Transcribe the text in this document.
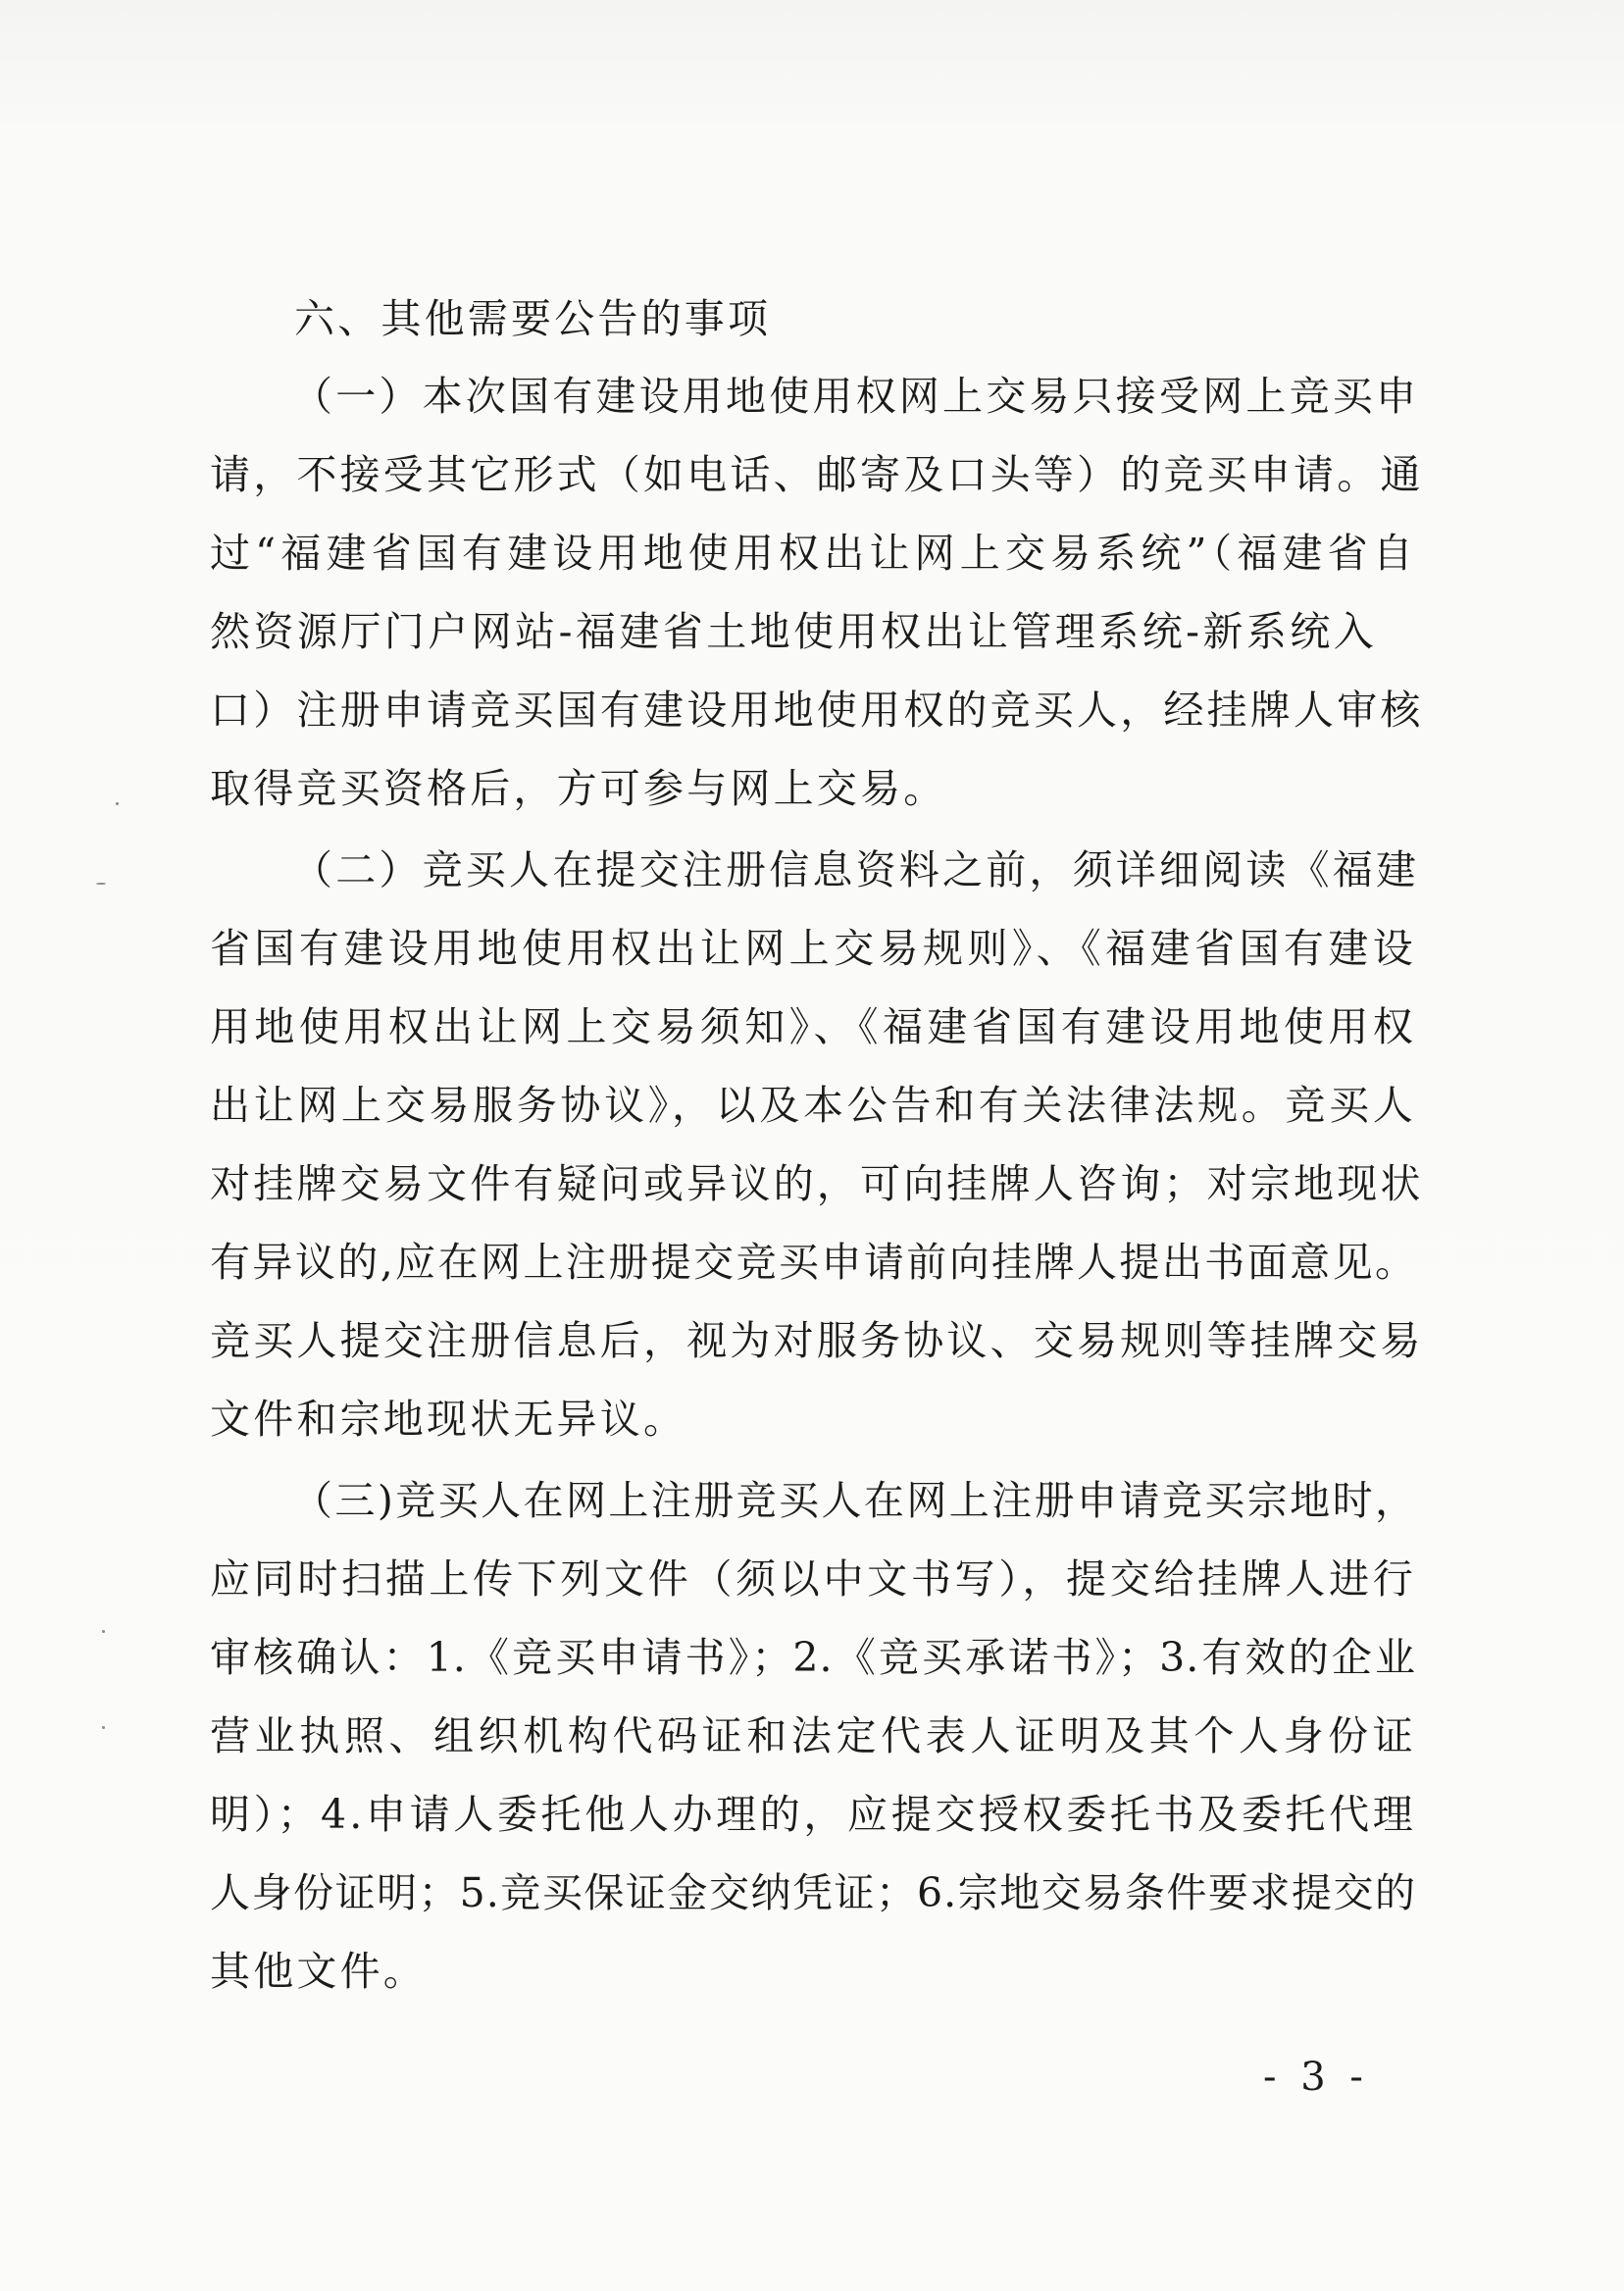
六、其他需要公告的事项
（一）本次国有建设用地使用权网上交易只接受网上竞买申
请，不接受其它形式（如电话、邮寄及口头等）的竞买申请。通
过“福建省国有建设用地使用权出让网上交易系统”（福建省自
然资源厅门户网站-福建省土地使用权出让管理系统-新系统入
口）注册申请竞买国有建设用地使用权的竞买人，经挂牌人审核
取得竞买资格后，方可参与网上交易。
（二）竞买人在提交注册信息资料之前，须详细阅读《福建
省国有建设用地使用权出让网上交易规则》、《福建省国有建设
用地使用权出让网上交易须知》、《福建省国有建设用地使用权
出让网上交易服务协议》，以及本公告和有关法律法规。竞买人
对挂牌交易文件有疑问或异议的，可向挂牌人咨询；对宗地现状
有异议的,应在网上注册提交竞买申请前向挂牌人提出书面意见。
竞买人提交注册信息后，视为对服务协议、交易规则等挂牌交易
文件和宗地现状无异议。
（三)竞买人在网上注册竞买人在网上注册申请竞买宗地时，
应同时扫描上传下列文件（须以中文书写），提交给挂牌人进行
审核确认：1.《竞买申请书》；2.《竞买承诺书》；3.有效的企业
营业执照、组织机构代码证和法定代表人证明及其个人身份证
明）；4.申请人委托他人办理的，应提交授权委托书及委托代理
人身份证明；5.竞买保证金交纳凭证；6.宗地交易条件要求提交的
其他文件。
- 3 -
